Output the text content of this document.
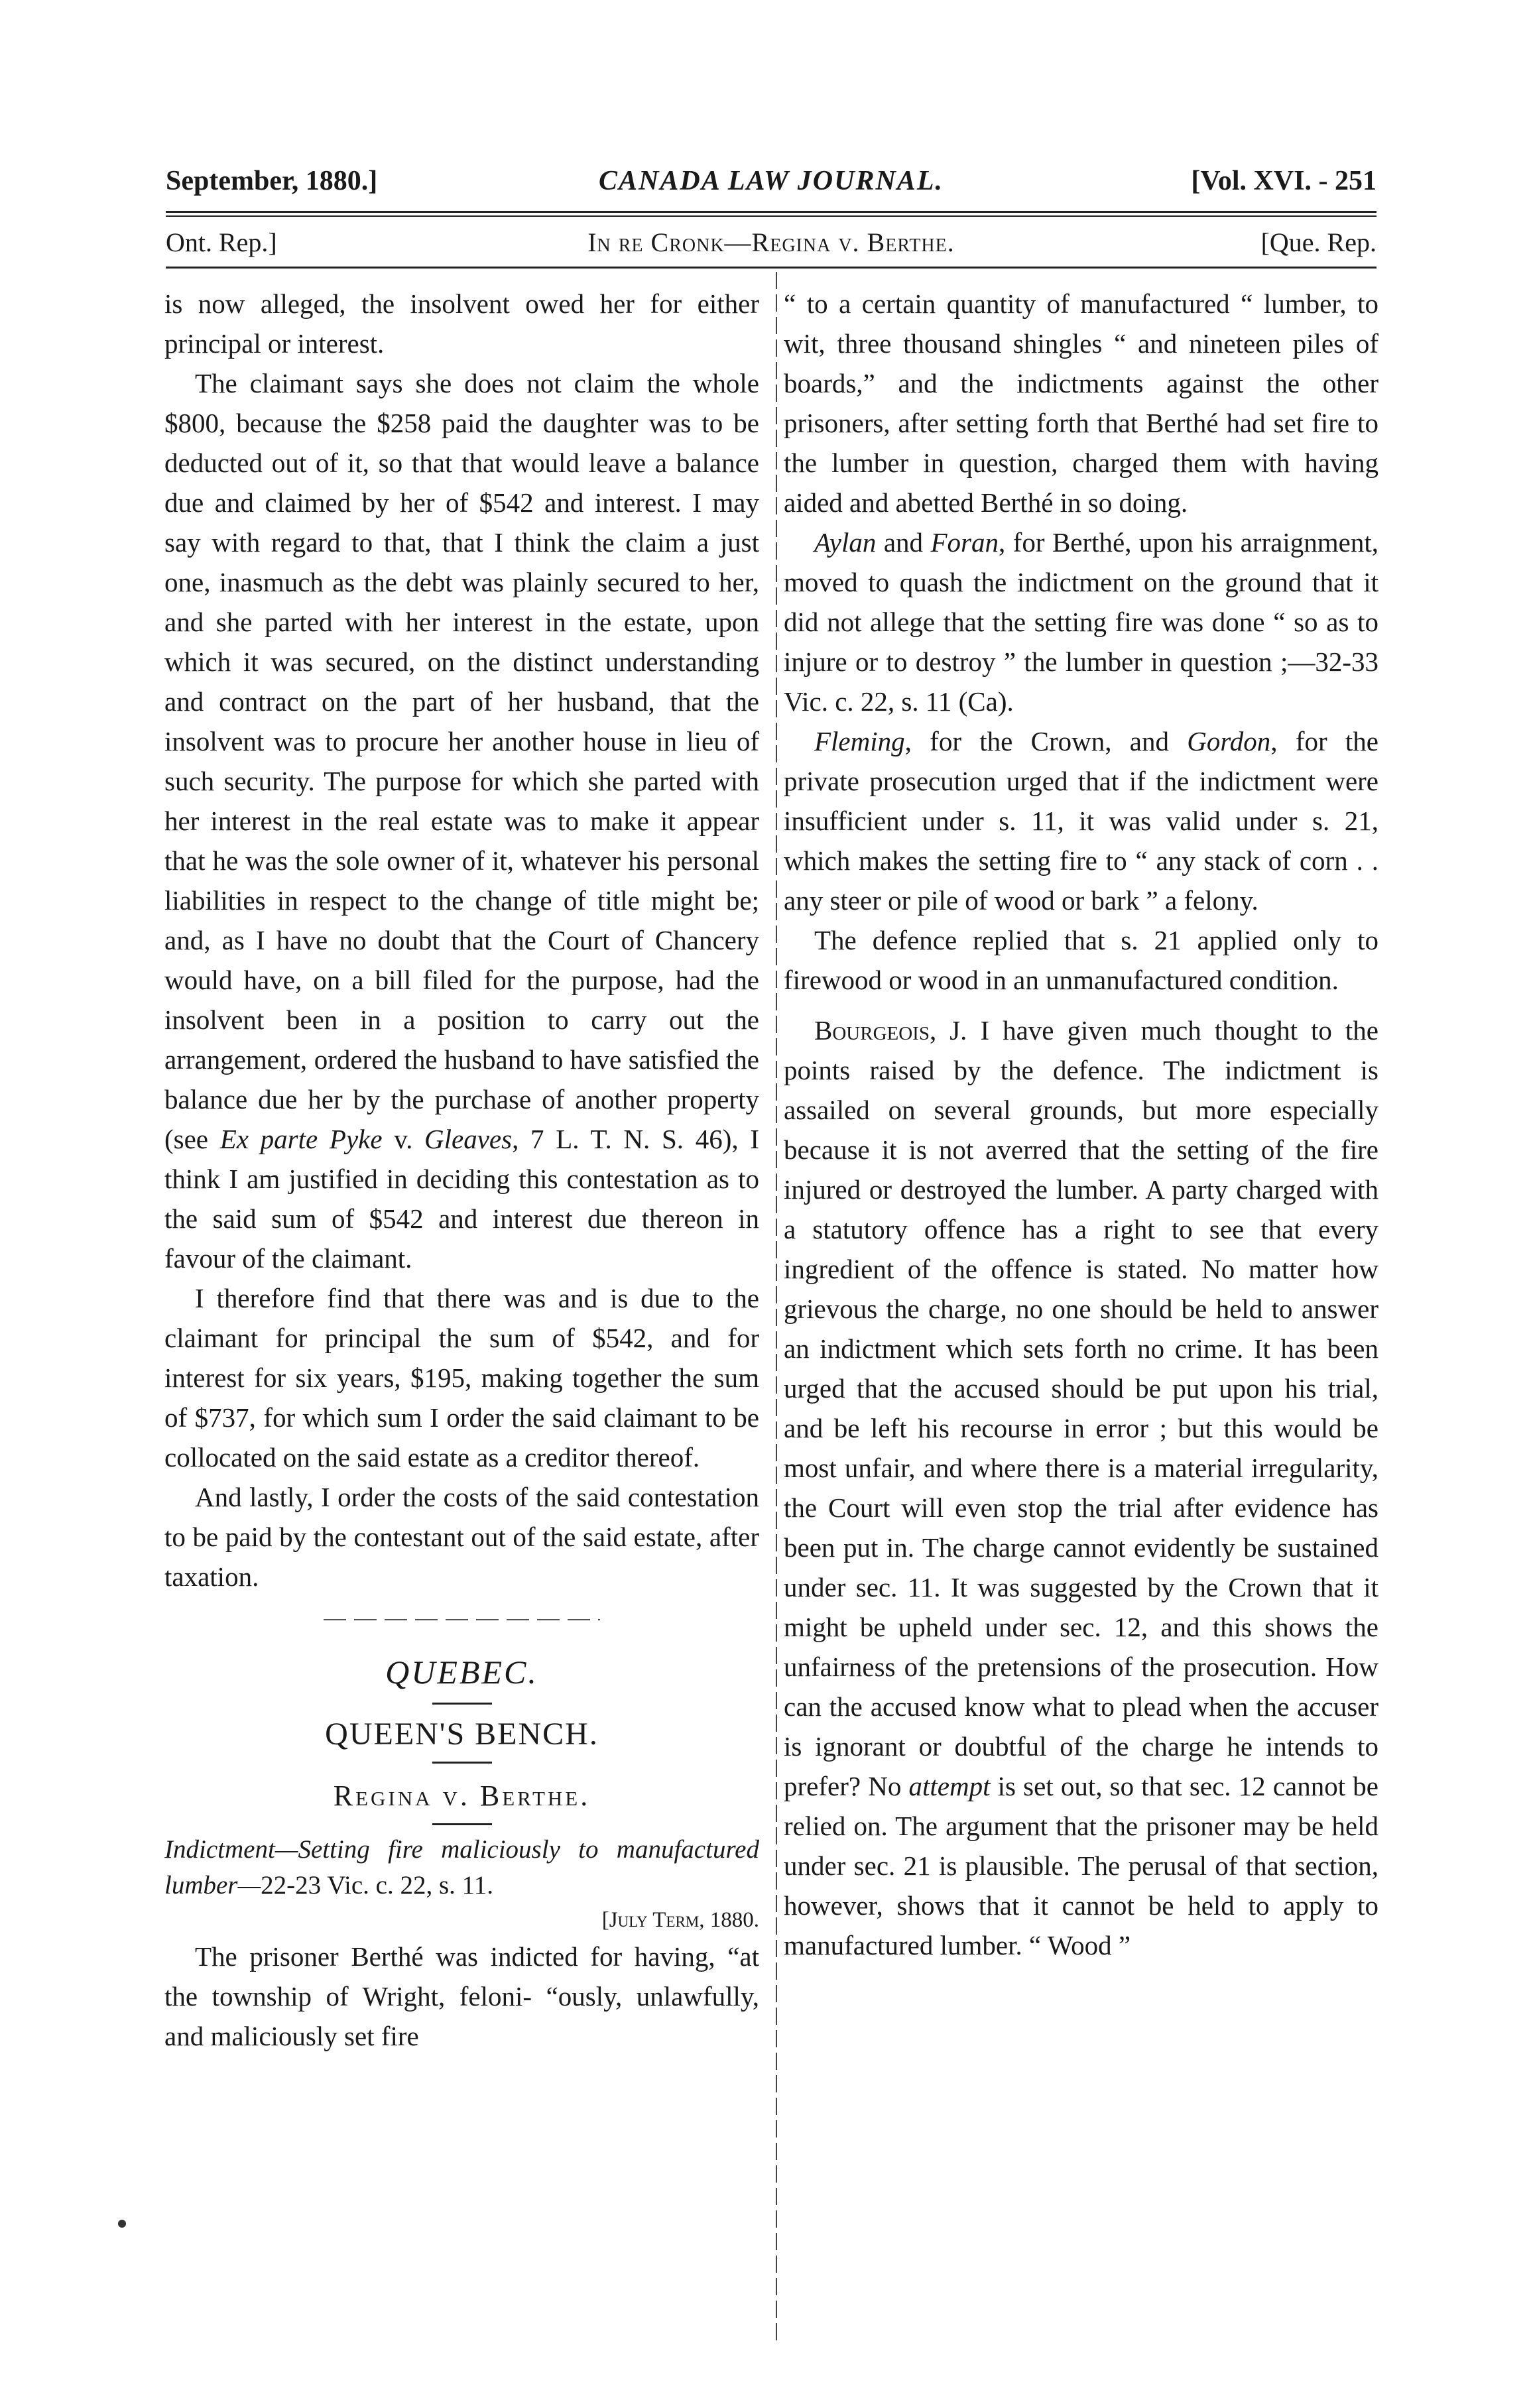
September, 1880.]	CANADA LAW JOURNAL.	[Vol. XVI. - 251
Ont. Rep.]	In re Cronk—Regina v. Berthe.	[Que. Rep.

is now alleged, the insolvent owed her for either principal or interest.

The claimant says she does not claim the whole $800, because the $258 paid the daughter was to be deducted out of it, so that that would leave a balance due and claimed by her of $542 and interest. I may say with regard to that, that I think the claim a just one, inasmuch as the debt was plainly secured to her, and she parted with her interest in the estate, upon which it was secured, on the distinct understanding and contract on the part of her husband, that the insolvent was to procure her another house in lieu of such security. The purpose for which she parted with her interest in the real estate was to make it appear that he was the sole owner of it, whatever his personal liabilities in respect to the change of title might be; and, as I have no doubt that the Court of Chancery would have, on a bill filed for the purpose, had the insolvent been in a position to carry out the arrangement, ordered the husband to have satisfied the balance due her by the purchase of another property (see Ex parte Pyke v. Gleaves, 7 L. T. N. S. 46), I think I am justified in deciding this contestation as to the said sum of $542 and interest due thereon in favour of the claimant.

I therefore find that there was and is due to the claimant for principal the sum of $542, and for interest for six years, $195, making together the sum of $737, for which sum I order the said claimant to be collocated on the said estate as a creditor thereof.

And lastly, I order the costs of the said contestation to be paid by the contestant out of the said estate, after taxation.

QUEBEC.
QUEEN'S BENCH.
Regina v. Berthe.

Indictment—Setting fire maliciously to manufactured lumber—22-23 Vic. c. 22, s. 11.

[July Term, 1880.

The prisoner Berthé was indicted for having, “at the township of Wright, feloni- “ously, unlawfully, and maliciously set fire

“ to a certain quantity of manufactured “ lumber, to wit, three thousand shingles “ and nineteen piles of boards,” and the indictments against the other prisoners, after setting forth that Berthé had set fire to the lumber in question, charged them with having aided and abetted Berthé in so doing.

Aylan and Foran, for Berthé, upon his arraignment, moved to quash the indictment on the ground that it did not allege that the setting fire was done “ so as to injure or to destroy ” the lumber in question ;—32-33 Vic. c. 22, s. 11 (Ca).

Fleming, for the Crown, and Gordon, for the private prosecution urged that if the indictment were insufficient under s. 11, it was valid under s. 21, which makes the setting fire to “ any stack of corn . . any steer or pile of wood or bark ” a felony.

The defence replied that s. 21 applied only to firewood or wood in an unmanufactured condition.

Bourgeois, J. I have given much thought to the points raised by the defence. The indictment is assailed on several grounds, but more especially because it is not averred that the setting of the fire injured or destroyed the lumber. A party charged with a statutory offence has a right to see that every ingredient of the offence is stated. No matter how grievous the charge, no one should be held to answer an indictment which sets forth no crime. It has been urged that the accused should be put upon his trial, and be left his recourse in error ; but this would be most unfair, and where there is a material irregularity, the Court will even stop the trial after evidence has been put in. The charge cannot evidently be sustained under sec. 11. It was suggested by the Crown that it might be upheld under sec. 12, and this shows the unfairness of the pretensions of the prosecution. How can the accused know what to plead when the accuser is ignorant or doubtful of the charge he intends to prefer? No attempt is set out, so that sec. 12 cannot be relied on. The argument that the prisoner may be held under sec. 21 is plausible. The perusal of that section, however, shows that it cannot be held to apply to manufactured lumber. “ Wood ”
